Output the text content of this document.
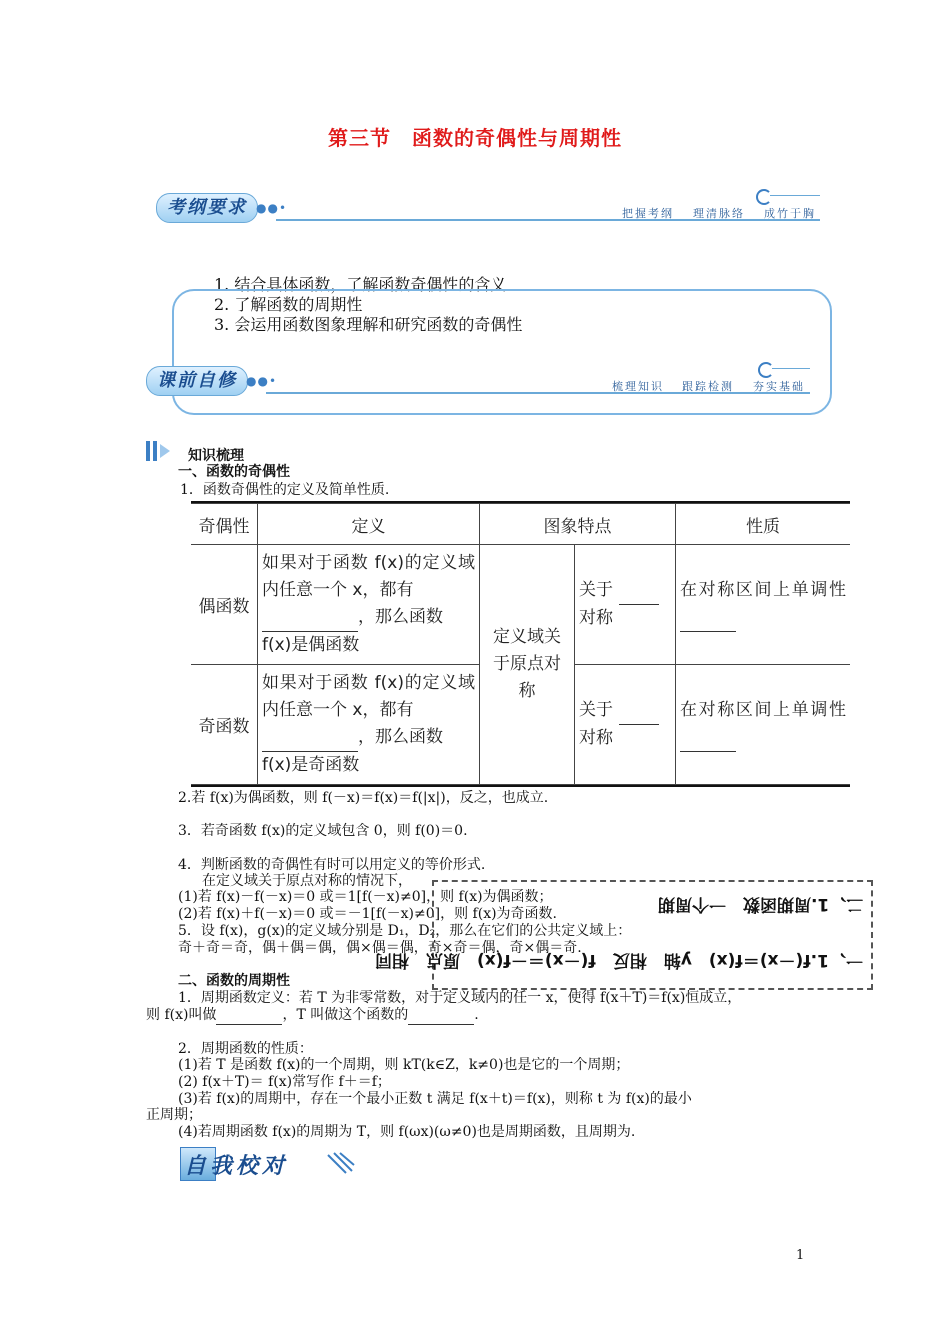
第三节　函数的奇偶性与周期性
考纲要求 ●●•	把握考纲 理清脉络 成竹于胸
1. 结合具体函数，了解函数奇偶性的含义
2. 了解函数的周期性
3. 会运用函数图象理解和研究函数的奇偶性
课前自修 ●●•	梳理知识 跟踪检测 夯实基础
知识梳理
一、函数的奇偶性
1．函数奇偶性的定义及简单性质.
奇偶性	定义	图象特点		性质
偶函数	如果对于函数 f(x)的定义域内任意一个 x，都有
，那么函数
f(x)是偶函数	定义域关于原点对称	关于
对称	在对称区间上单调性
奇函数	如果对于函数 f(x)的定义域内任意一个 x，都有
，那么函数
f(x)是奇函数		关于
对称	在对称区间上单调性
2.若 f(x)为偶函数，则 f(－x)＝f(x)＝f(|x|)，反之，也成立.
3．若奇函数 f(x)的定义域包含 0，则 f(0)＝0.
4．判断函数的奇偶性有时可以用定义的等价形式.
在定义域关于原点对称的情况下，
(1)若 f(x)－f(－x)＝0 或＝1[f(－x)≠0]，则 f(x)为偶函数；
(2)若 f(x)＋f(－x)＝0 或＝－1[f(－x)≠0]，则 f(x)为奇函数.
5．设 f(x)，g(x)的定义域分别是 D₁，D₂，那么在它们的公共定义域上：
奇＋奇＝奇，偶＋偶＝偶，偶×偶＝偶，奇×奇＝偶，奇×偶＝奇.
二、1.周期函数　一个周期
一、1.f(－x)＝f(x)　y轴　相反　f(－x)＝－f(x)　原点　相同
二、函数的周期性
1．周期函数定义：若 T 为非零常数，对于定义域内的任一 x，使得 f(x＋T)＝f(x)恒成立，
则 f(x)叫做	，T 叫做这个函数的	.
2．周期函数的性质：
(1)若 T 是函数 f(x)的一个周期，则 kT(k∈Z，k≠0)也是它的一个周期；
(2) f(x＋T)＝ f(x)常写作 f＋＝f；
(3)若 f(x)的周期中，存在一个最小正数 t 满足 f(x＋t)＝f(x)，则称 t 为 f(x)的最小
正周期；
(4)若周期函数 f(x)的周期为 T，则 f(ωx)(ω≠0)也是周期函数，且周期为.
自我校对
1
